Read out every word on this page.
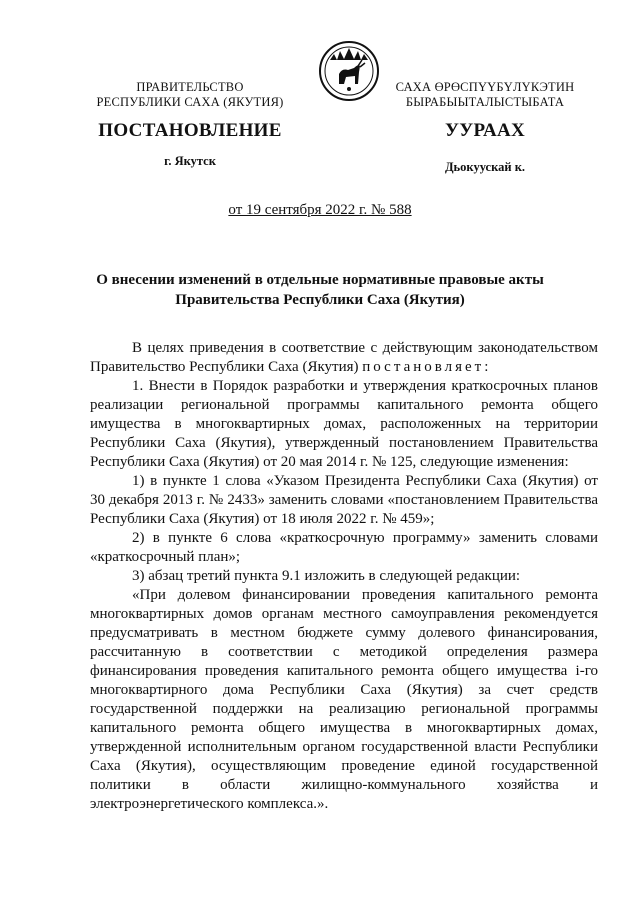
ПРАВИТЕЛЬСТВО
РЕСПУБЛИКИ САХА (ЯКУТИЯ)
САХА ӨРӨСПҮҮБҮЛҮКЭТИН
БЫРАБЫЫТАЛЫСТЫБАТА
ПОСТАНОВЛЕНИЕ	УУРААХ
г. Якутск	Дьокуускай к.
от 19 сентября 2022 г. № 588
О внесении изменений в отдельные нормативные правовые акты
Правительства Республики Саха (Якутия)

В целях приведения в соответствие с действующим законодательством Правительство Республики Саха (Якутия) постановляет:

1. Внести в Порядок разработки и утверждения краткосрочных планов реализации региональной программы капитального ремонта общего имущества в многоквартирных домах, расположенных на территории Республики Саха (Якутия), утвержденный постановлением Правительства Республики Саха (Якутия) от 20 мая 2014 г. № 125, следующие изменения:

1) в пункте 1 слова «Указом Президента Республики Саха (Якутия) от 30 декабря 2013 г. № 2433» заменить словами «постановлением Правительства Республики Саха (Якутия) от 18 июля 2022 г. № 459»;

2) в пункте 6 слова «краткосрочную программу» заменить словами «краткосрочный план»;

3) абзац третий пункта 9.1 изложить в следующей редакции:

«При долевом финансировании проведения капитального ремонта многоквартирных домов органам местного самоуправления рекомендуется предусматривать в местном бюджете сумму долевого финансирования, рассчитанную в соответствии с методикой определения размера финансирования проведения капитального ремонта общего имущества i-го многоквартирного дома Республики Саха (Якутия) за счет средств государственной поддержки на реализацию региональной программы капитального ремонта общего имущества в многоквартирных домах, утвержденной исполнительным органом государственной власти Республики Саха (Якутия), осуществляющим проведение единой государственной политики в области жилищно-коммунального хозяйства и электроэнергетического комплекса.».
